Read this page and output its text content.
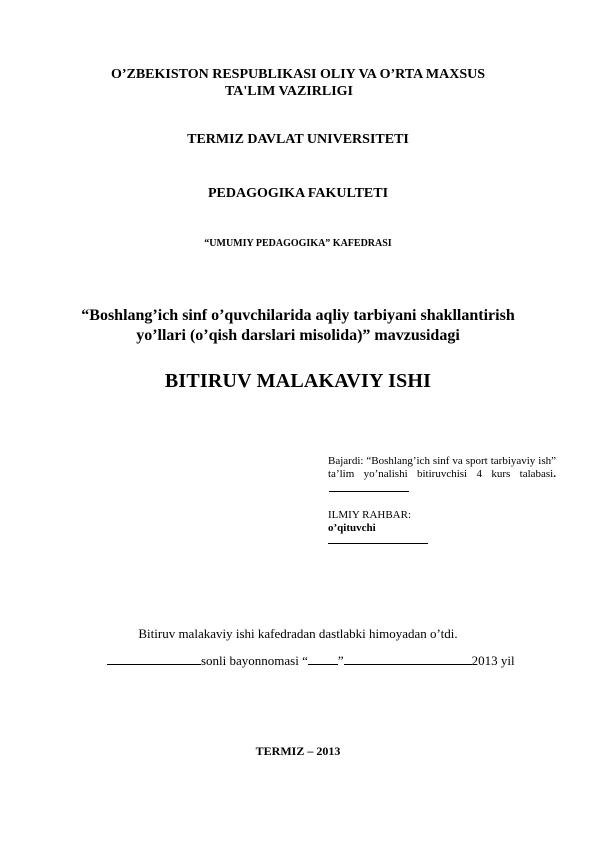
O’ZBEKISTON RESPUBLIKASI OLIY VA O’RTA MAXSUS
TA'LIM VAZIRLIGI
TERMIZ DAVLAT UNIVERSITETI
PEDAGOGIKA FAKULTETI
“UMUMIY PEDAGOGIKA” KAFEDRASI
“Boshlang’ich sinf o’quvchilarida aqliy tarbiyani shakllantirish
yo’llari (o’qish darslari misolida)” mavzusidagi
BITIRUV MALAKAVIY ISHI
Bajardi: “Boshlang’ich sinf va sport tarbiyaviy ish” ta’lim yo’nalishi bitiruvchisi 4 kurs talabasi.
ILMIY RAHBAR:
o’qituvchi
Bitiruv malakaviy ishi kafedradan dastlabki himoyadan o’tdi.
sonli bayonnomasi “ ”	2013 yil
TERMIZ – 2013
